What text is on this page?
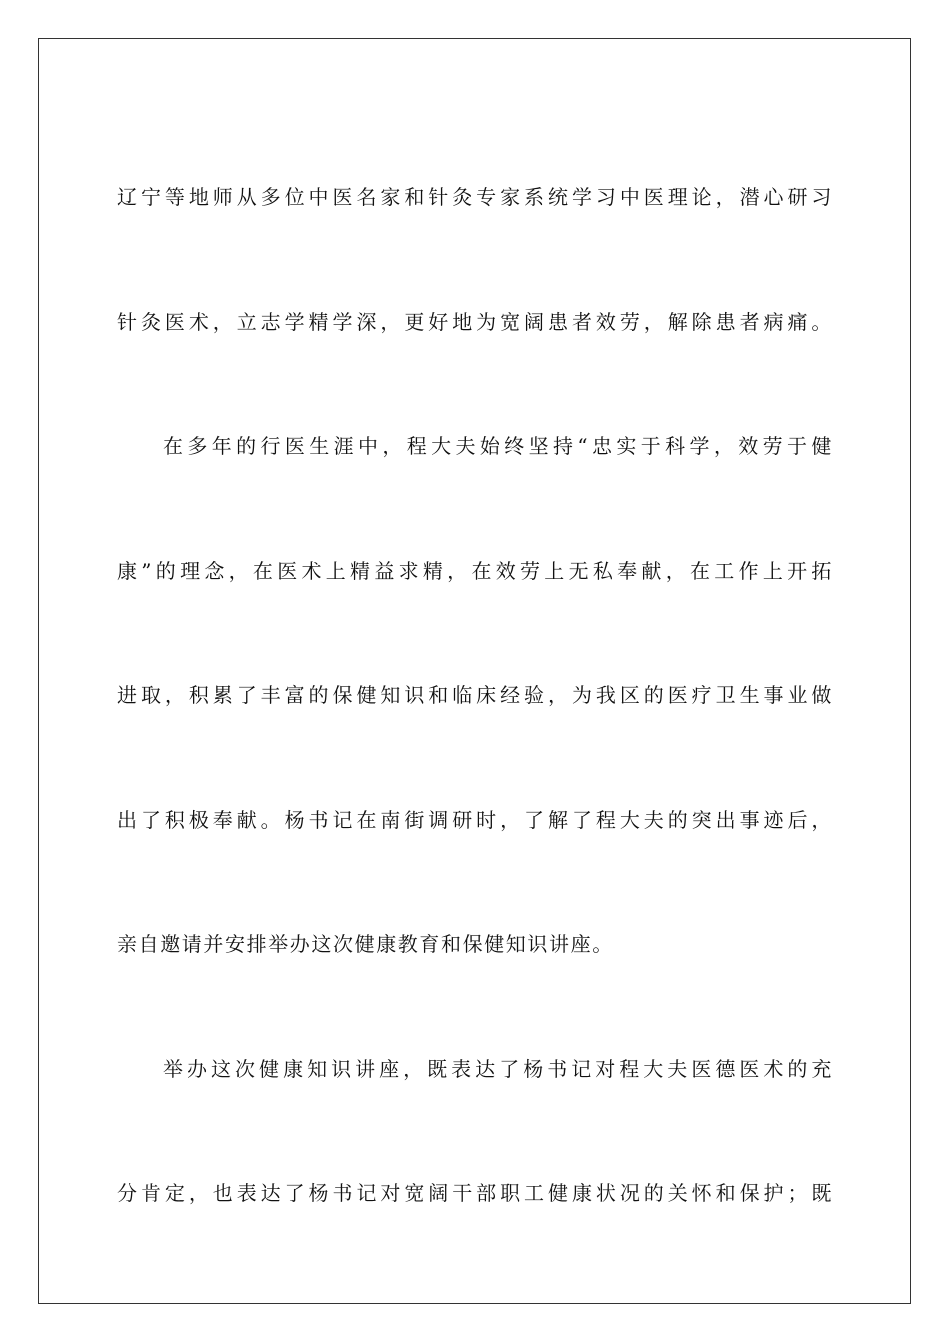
辽宁等地师从多位中医名家和针灸专家系统学习中医理论，潜心研习
针灸医术，立志学精学深，更好地为宽阔患者效劳，解除患者病痛。
在多年的行医生涯中，程大夫始终坚持“忠实于科学，效劳于健
康”的理念，在医术上精益求精，在效劳上无私奉献，在工作上开拓
进取，积累了丰富的保健知识和临床经验，为我区的医疗卫生事业做
出了积极奉献。杨书记在南街调研时，了解了程大夫的突出事迹后，
亲自邀请并安排举办这次健康教育和保健知识讲座。
举办这次健康知识讲座，既表达了杨书记对程大夫医德医术的充
分肯定，也表达了杨书记对宽阔干部职工健康状况的关怀和保护；既
